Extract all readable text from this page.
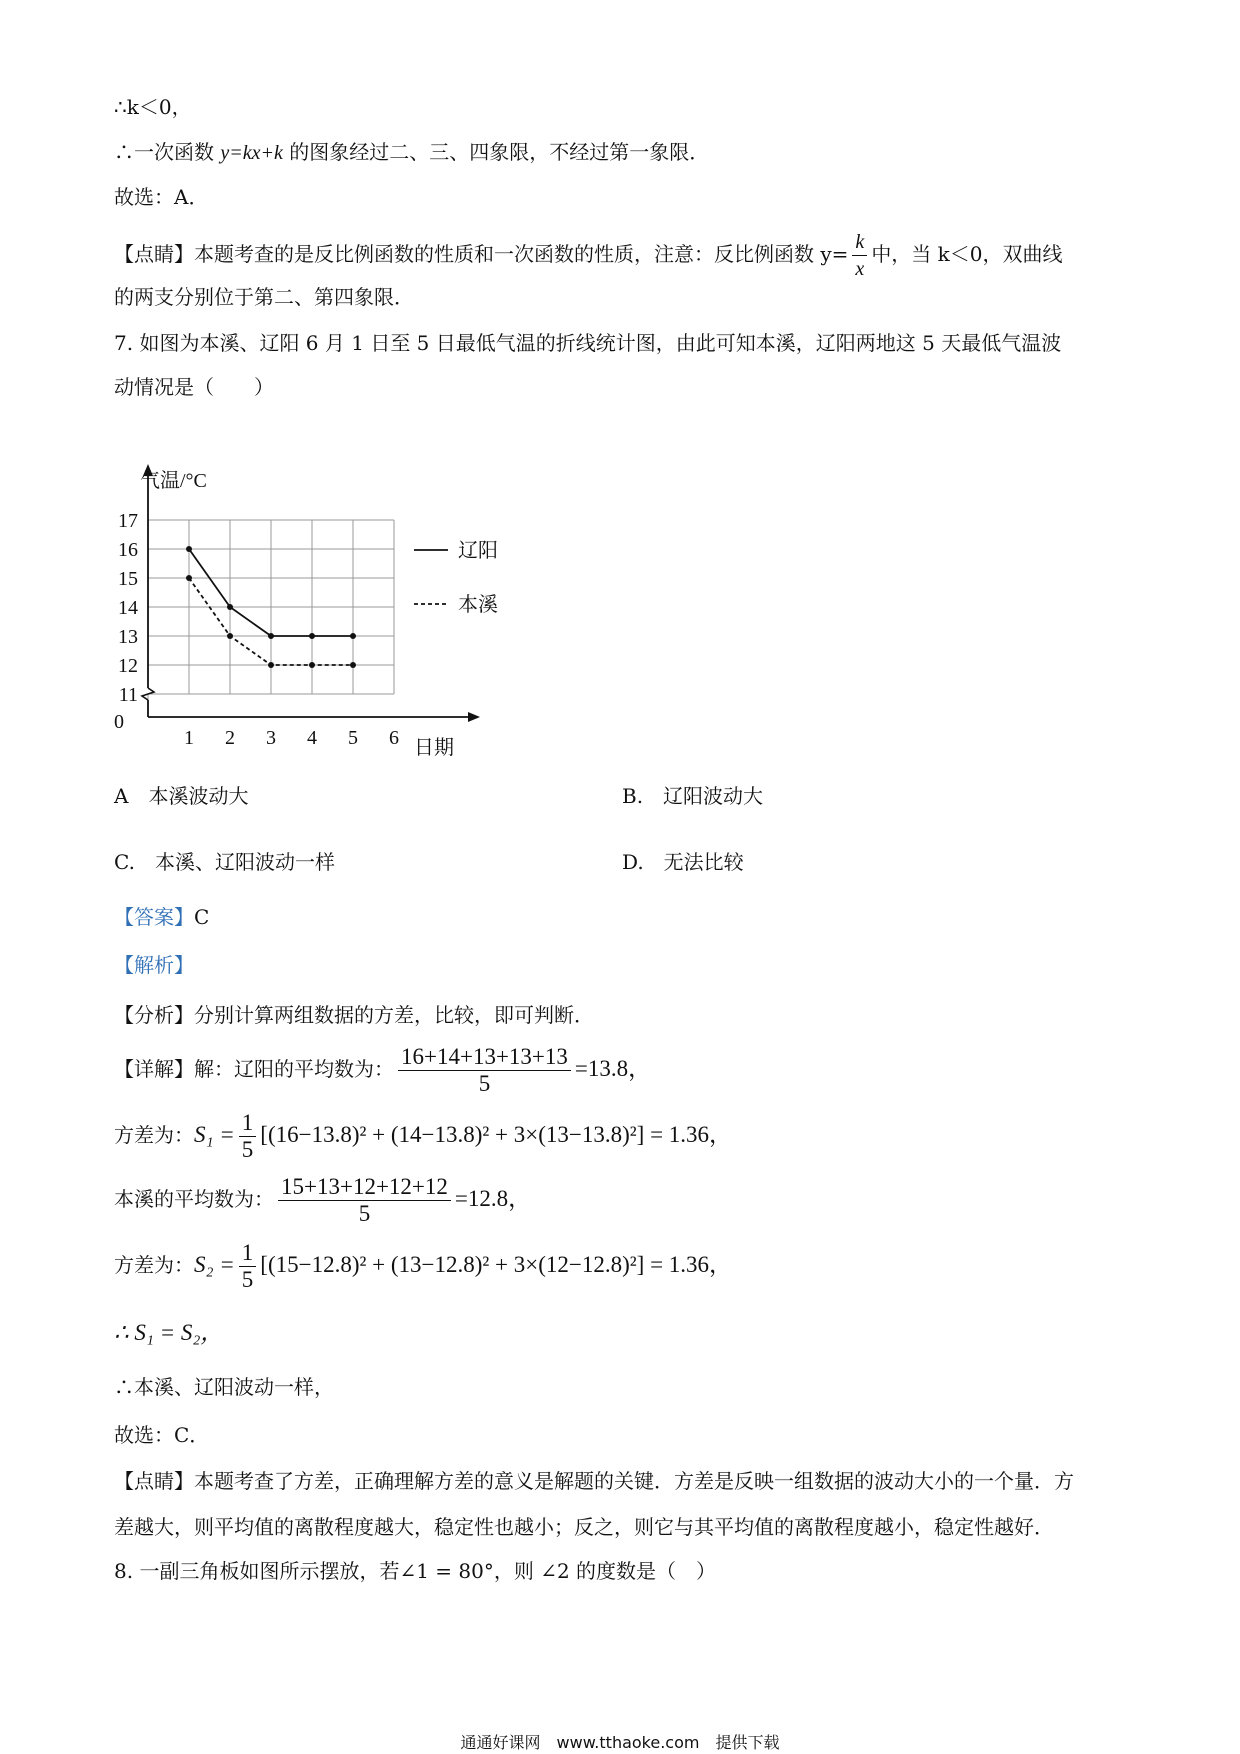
∴k＜0，
∴一次函数 y=kx+k 的图象经过二、三、四象限，不经过第一象限．
故选：A．
【点睛】本题考查的是反比例函数的性质和一次函数的性质，注意：反比例函数 $y= \frac{k}{x}$ 中，当 k＜0，双曲线
的两支分别位于第二、第四象限．
7. 如图为本溪、辽阳 6 月 1 日至 5 日最低气温的折线统计图，由此可知本溪，辽阳两地这 5 天最低气温波
动情况是（　　）
11
12
13
14
15
16
17
1 2 3 4 5 6
辽阳
本溪
气温/°C
日期
0
A　本溪波动大	B.　辽阳波动大
C.　本溪、辽阳波动一样	D.　无法比较
【答案】C
【解析】
【分析】分别计算两组数据的方差，比较，即可判断．
【详解】解：辽阳的平均数为： $\frac{16+14+13+13+13}{5} =13.8$，
方差为：$S_1 = \frac{1}{5} [(16-13.8)^2 + (14-13.8)^2 + 3\times(13-13.8)^2] = 1.36$，
本溪的平均数为： $\frac{15+13+12+12+12}{5} =12.8$，
方差为：$S_2 = \frac{1}{5} [(15-12.8)^2 + (13-12.8)^2 + 3\times(12-12.8)^2] = 1.36$，
∴ S₁ = S₂，
∴本溪、辽阳波动一样，
故选：C．
【点睛】本题考查了方差，正确理解方差的意义是解题的关键．方差是反映一组数据的波动大小的一个量．方
差越大，则平均值的离散程度越大，稳定性也越小；反之，则它与其平均值的离散程度越小，稳定性越好．
8. 一副三角板如图所示摆放，若∠1 = 80°，则 ∠2 的度数是（　）
通通好课网　www.tthaoke.com　提供下载
